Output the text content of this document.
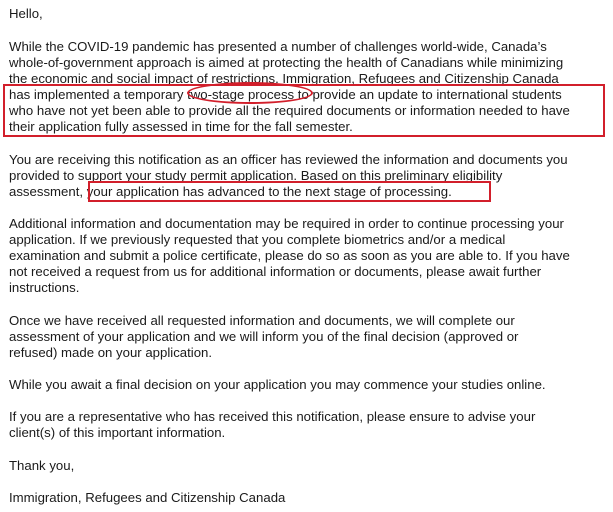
Hello,
While the COVID-19 pandemic has presented a number of challenges world-wide, Canada’s
whole-of-government approach is aimed at protecting the health of Canadians while minimizing
the economic and social impact of restrictions. Immigration, Refugees and Citizenship Canada
has implemented a temporary two-stage process to provide an update to international students
who have not yet been able to provide all the required documents or information needed to have
their application fully assessed in time for the fall semester.
You are receiving this notification as an officer has reviewed the information and documents you
provided to support your study permit application. Based on this preliminary eligibility
assessment, your application has advanced to the next stage of processing.
Additional information and documentation may be required in order to continue processing your
application. If we previously requested that you complete biometrics and/or a medical
examination and submit a police certificate, please do so as soon as you are able to. If you have
not received a request from us for additional information or documents, please await further
instructions.
Once we have received all requested information and documents, we will complete our
assessment of your application and we will inform you of the final decision (approved or
refused) made on your application.
While you await a final decision on your application you may commence your studies online.
If you are a representative who has received this notification, please ensure to advise your
client(s) of this important information.
Thank you,
Immigration, Refugees and Citizenship Canada
